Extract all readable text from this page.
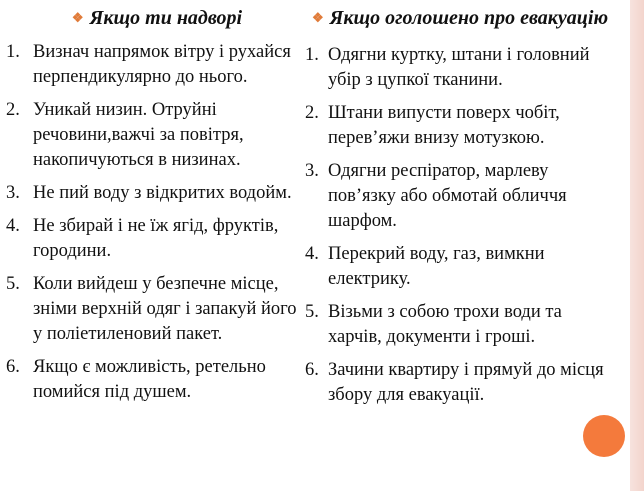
❖ Якщо ти надворі
1. Визнач напрямок вітру і рухайся перпендикулярно до нього.
2. Уникай низин. Отруйні речовини,важчі за повітря, накопичуються в низинах.
3. Не пий воду з відкритих водойм.
4. Не збирай і не їж ягід, фруктів, городини.
5. Коли вийдеш у безпечне місце, зніми верхній одяг і запакуй його у поліетиленовий пакет.
6. Якщо є можливість, ретельно помийся під душем.
❖ Якщо оголошено про евакуацію
1. Одягни куртку, штани і головний убір з цупкої тканини.
2. Штани випусти поверх чобіт, перев’яжи внизу мотузкою.
3. Одягни респіратор, марлеву пов’язку або обмотай обличчя шарфом.
4. Перекрий воду, газ, вимкни електрику.
5. Візьми з собою трохи води та харчів, документи і гроші.
6. Зачини квартиру і прямуй до місця збору для евакуації.
